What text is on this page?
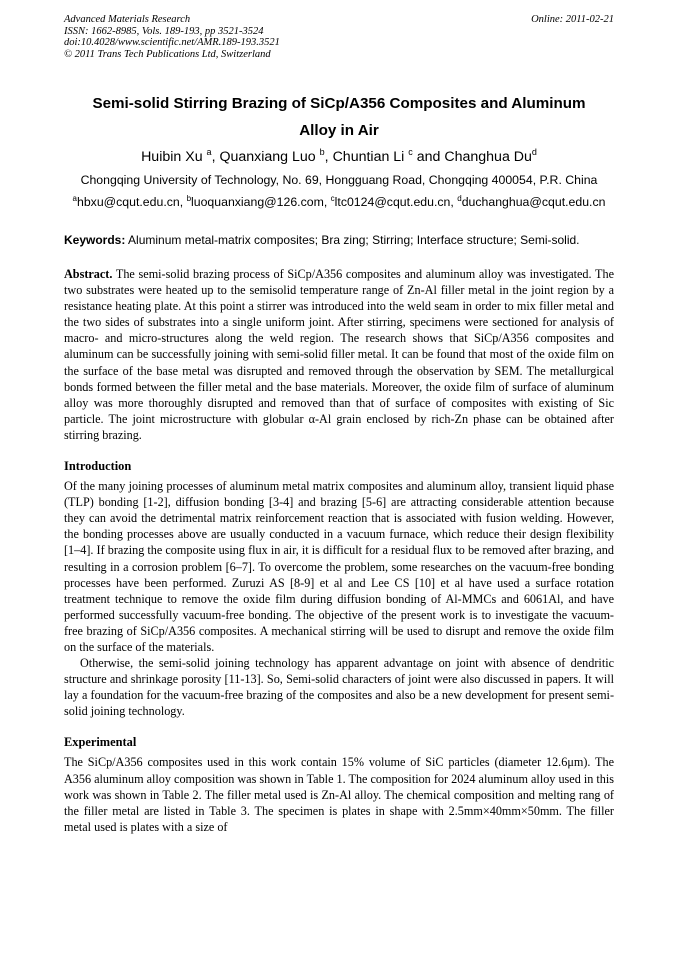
Advanced Materials Research
ISSN: 1662-8985, Vols. 189-193, pp 3521-3524
doi:10.4028/www.scientific.net/AMR.189-193.3521
© 2011 Trans Tech Publications Ltd, Switzerland
Online: 2011-02-21
Semi-solid Stirring Brazing of SiCp/A356 Composites and Aluminum
Alloy in Air
Huibin Xu $^a$, Quanxiang Luo $^b$, Chuntian Li $^c$ and Changhua Du$^d$
Chongqing University of Technology, No. 69, Hongguang Road, Chongqing 400054, P.R. China
$^a$hbxu@cqut.edu.cn, $^b$luoquanxiang@126.com, $^c$ltc0124@cqut.edu.cn, $^d$duchanghua@cqut.edu.cn
Keywords: Aluminum metal-matrix composites; Bra zing; Stirring; Interface structure; Semi-solid.

Abstract. The semi-solid brazing process of SiCp/A356 composites and aluminum alloy was investigated. The two substrates were heated up to the semisolid temperature range of Zn-Al filler metal in the joint region by a resistance heating plate. At this point a stirrer was introduced into the weld seam in order to mix filler metal and the two sides of substrates into a single uniform joint. After stirring, specimens were sectioned for analysis of macro- and micro-structures along the weld region. The research shows that SiCp/A356 composites and aluminum can be successfully joining with semi-solid filler metal. It can be found that most of the oxide film on the surface of the base metal was disrupted and removed through the observation by SEM. The metallurgical bonds formed between the filler metal and the base materials. Moreover, the oxide film of surface of aluminum alloy was more thoroughly disrupted and removed than that of surface of composites with existing of Sic particle. The joint microstructure with globular α-Al grain enclosed by rich-Zn phase can be obtained after stirring brazing.

Introduction

Of the many joining processes of aluminum metal matrix composites and aluminum alloy, transient liquid phase (TLP) bonding [1-2], diffusion bonding [3-4] and brazing [5-6] are attracting considerable attention because they can avoid the detrimental matrix reinforcement reaction that is associated with fusion welding. However, the bonding processes above are usually conducted in a vacuum furnace, which reduce their design flexibility [1–4]. If brazing the composite using flux in air, it is difficult for a residual flux to be removed after brazing, and resulting in a corrosion problem [6–7]. To overcome the problem, some researches on the vacuum-free bonding processes have been performed. Zuruzi AS [8-9] et al and Lee CS [10] et al have used a surface rotation treatment technique to remove the oxide film during diffusion bonding of Al-MMCs and 6061Al, and have performed successfully vacuum-free bonding. The objective of the present work is to investigate the vacuum-free brazing of SiCp/A356 composites. A mechanical stirring will be used to disrupt and remove the oxide film on the surface of the materials.

Otherwise, the semi-solid joining technology has apparent advantage on joint with absence of dendritic structure and shrinkage porosity [11-13]. So, Semi-solid characters of joint were also discussed in papers. It will lay a foundation for the vacuum-free brazing of the composites and also be a new development for present semi-solid joining technology.

Experimental

The SiCp/A356 composites used in this work contain 15% volume of SiC particles (diameter 12.6μm). The A356 aluminum alloy composition was shown in Table 1. The composition for 2024 aluminum alloy used in this work was shown in Table 2. The filler metal used is Zn-Al alloy. The chemical composition and melting rang of the filler metal are listed in Table 3. The specimen is plates in shape with 2.5mm×40mm×50mm. The filler metal used is plates with a size of
